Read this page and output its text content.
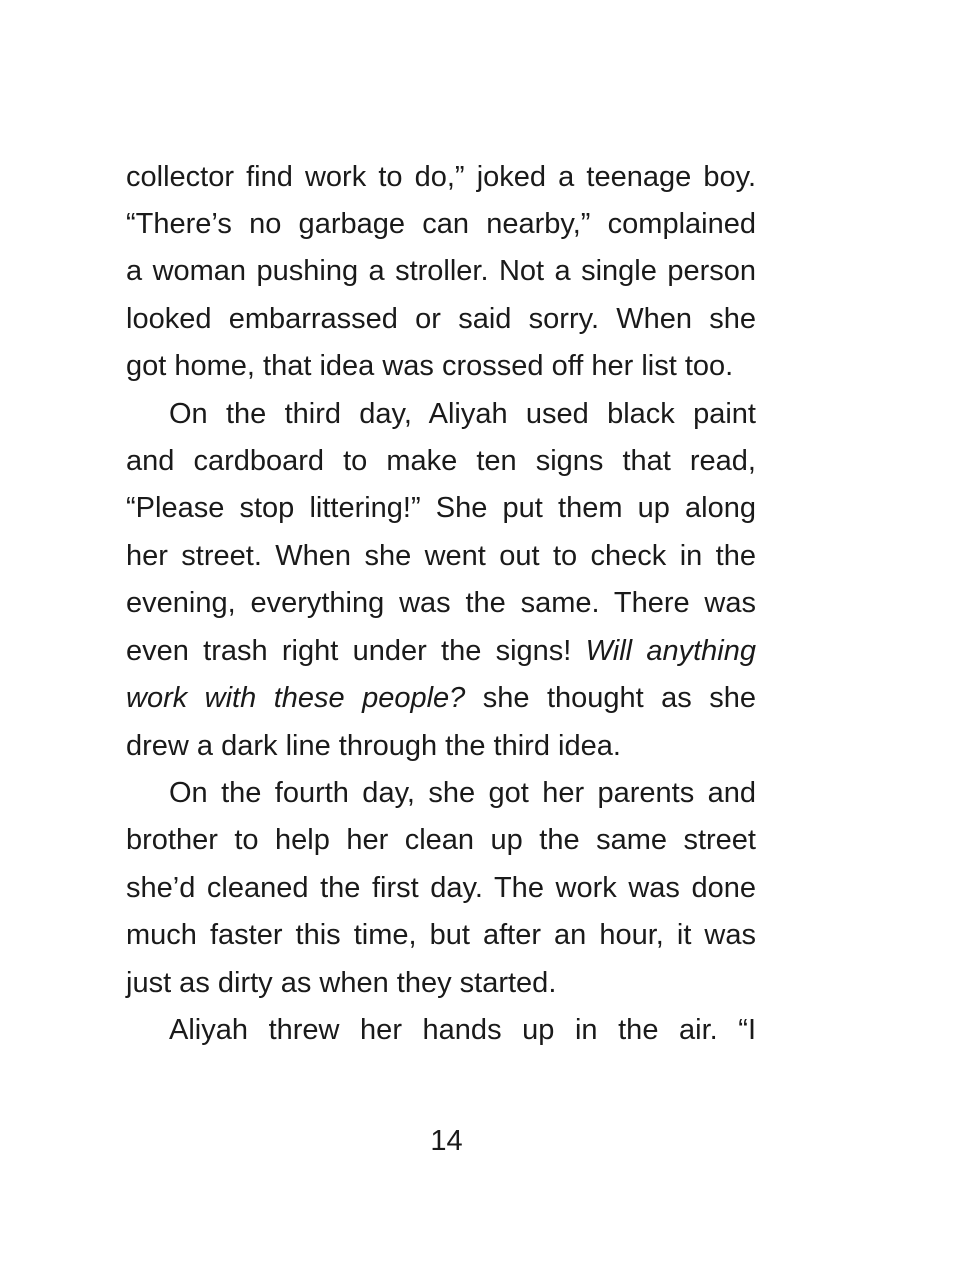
collector find work to do,” joked a teenage boy.
“There’s no garbage can nearby,” complained
a woman pushing a stroller. Not a single person
looked embarrassed or said sorry. When she
got home, that idea was crossed off her list too.
On the third day, Aliyah used black paint
and cardboard to make ten signs that read,
“Please stop littering!” She put them up along
her street. When she went out to check in the
evening, everything was the same. There was
even trash right under the signs! Will anything
work with these people? she thought as she
drew a dark line through the third idea.
On the fourth day, she got her parents and
brother to help her clean up the same street
she’d cleaned the first day. The work was done
much faster this time, but after an hour, it was
just as dirty as when they started.
Aliyah threw her hands up in the air. “I
14
